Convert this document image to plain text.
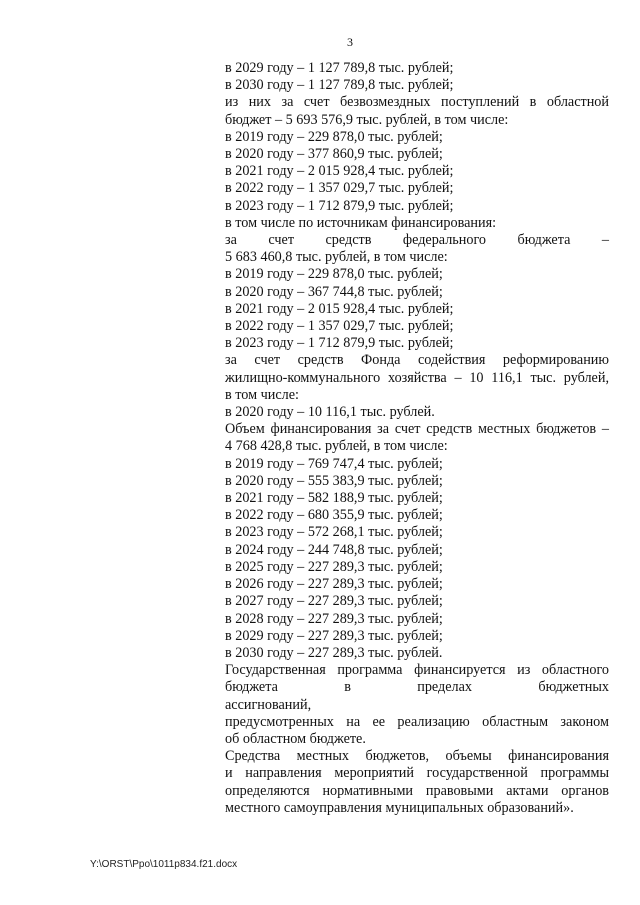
3
в 2029 году – 1 127 789,8 тыс. рублей;
в 2030 году – 1 127 789,8 тыс. рублей;
из них за счет безвозмездных поступлений в областной
бюджет – 5 693 576,9 тыс. рублей, в том числе:
в 2019 году – 229 878,0 тыс. рублей;
в 2020 году – 377 860,9 тыс. рублей;
в 2021 году – 2 015 928,4 тыс. рублей;
в 2022 году – 1 357 029,7 тыс. рублей;
в 2023 году – 1 712 879,9 тыс. рублей;
в том числе по источникам финансирования:
за счет средств федерального бюджета –
5 683 460,8 тыс. рублей, в том числе:
в 2019 году – 229 878,0 тыс. рублей;
в 2020 году – 367 744,8 тыс. рублей;
в 2021 году – 2 015 928,4 тыс. рублей;
в 2022 году – 1 357 029,7 тыс. рублей;
в 2023 году – 1 712 879,9 тыс. рублей;
за счет средств Фонда содействия реформированию
жилищно-коммунального хозяйства – 10 116,1 тыс. рублей,
в том числе:
в 2020 году – 10 116,1 тыс. рублей.
Объем финансирования за счет средств местных бюджетов –
4 768 428,8 тыс. рублей, в том числе:
в 2019 году – 769 747,4 тыс. рублей;
в 2020 году – 555 383,9 тыс. рублей;
в 2021 году – 582 188,9 тыс. рублей;
в 2022 году – 680 355,9 тыс. рублей;
в 2023 году – 572 268,1 тыс. рублей;
в 2024 году – 244 748,8 тыс. рублей;
в 2025 году – 227 289,3 тыс. рублей;
в 2026 году – 227 289,3 тыс. рублей;
в 2027 году – 227 289,3 тыс. рублей;
в 2028 году – 227 289,3 тыс. рублей;
в 2029 году – 227 289,3 тыс. рублей;
в 2030 году – 227 289,3 тыс. рублей.
Государственная программа финансируется из областного
бюджета в пределах бюджетных ассигнований,
предусмотренных на ее реализацию областным законом
об областном бюджете.
Средства местных бюджетов, объемы финансирования
и направления мероприятий государственной программы
определяются нормативными правовыми актами органов
местного самоуправления муниципальных образований».
Y:\ORST\Ppo\1011p834.f21.docx
